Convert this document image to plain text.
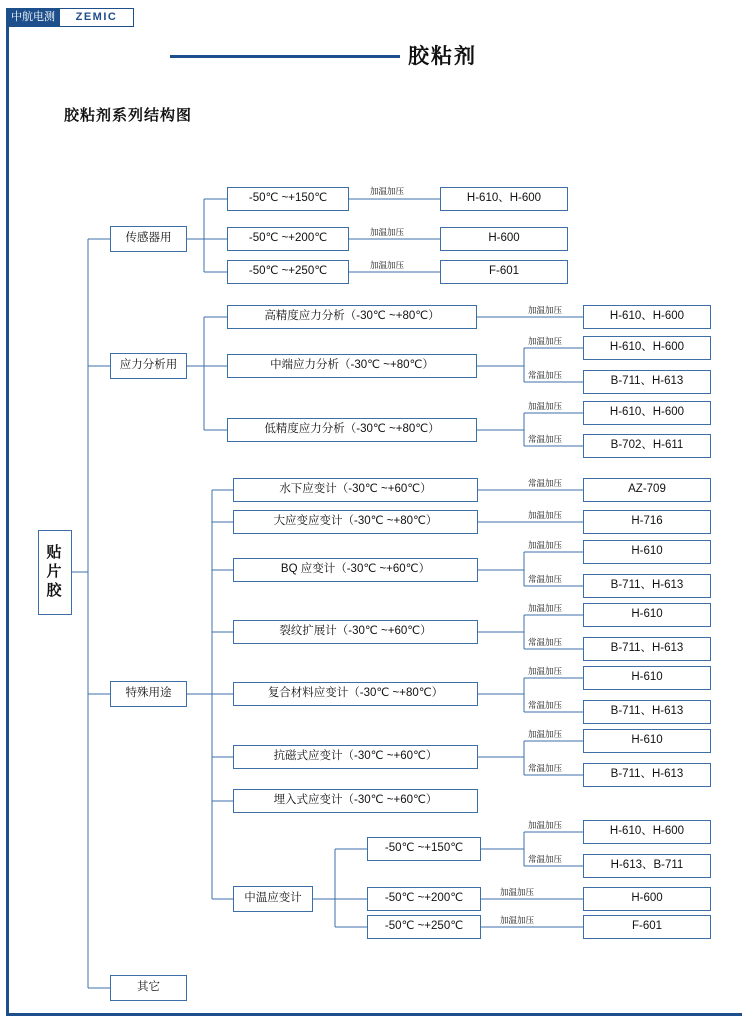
中航电测	ZEMIC
胶粘剂
胶粘剂系列结构图
贴片胶
传感器用
应力分析用
特殊用途
其它
-50℃ ~+150℃
-50℃ ~+200℃
-50℃ ~+250℃
H-610、H-600
H-600
F-601
加温加压
加温加压
加温加压
高精度应力分析（-30℃ ~+80℃）
中端应力分析（-30℃ ~+80℃）
低精度应力分析（-30℃ ~+80℃）
H-610、H-600
H-610、H-600
B-711、H-613
H-610、H-600
B-702、H-611
加温加压
加温加压
常温加压
加温加压
常温加压
水下应变计（-30℃ ~+60℃）
大应变应变计（-30℃ ~+80℃）
BQ 应变计（-30℃ ~+60℃）
裂纹扩展计（-30℃ ~+60℃）
复合材料应变计（-30℃ ~+80℃）
抗磁式应变计（-30℃ ~+60℃）
埋入式应变计（-30℃ ~+60℃）
中温应变计
AZ-709
H-716
H-610
B-711、H-613
H-610
B-711、H-613
H-610
B-711、H-613
H-610
B-711、H-613
常温加压
加温加压
加温加压
常温加压
加温加压
常温加压
加温加压
常温加压
加温加压
常温加压
-50℃ ~+150℃
-50℃ ~+200℃
-50℃ ~+250℃
H-610、H-600
H-613、B-711
H-600
F-601
加温加压
常温加压
加温加压
加温加压
